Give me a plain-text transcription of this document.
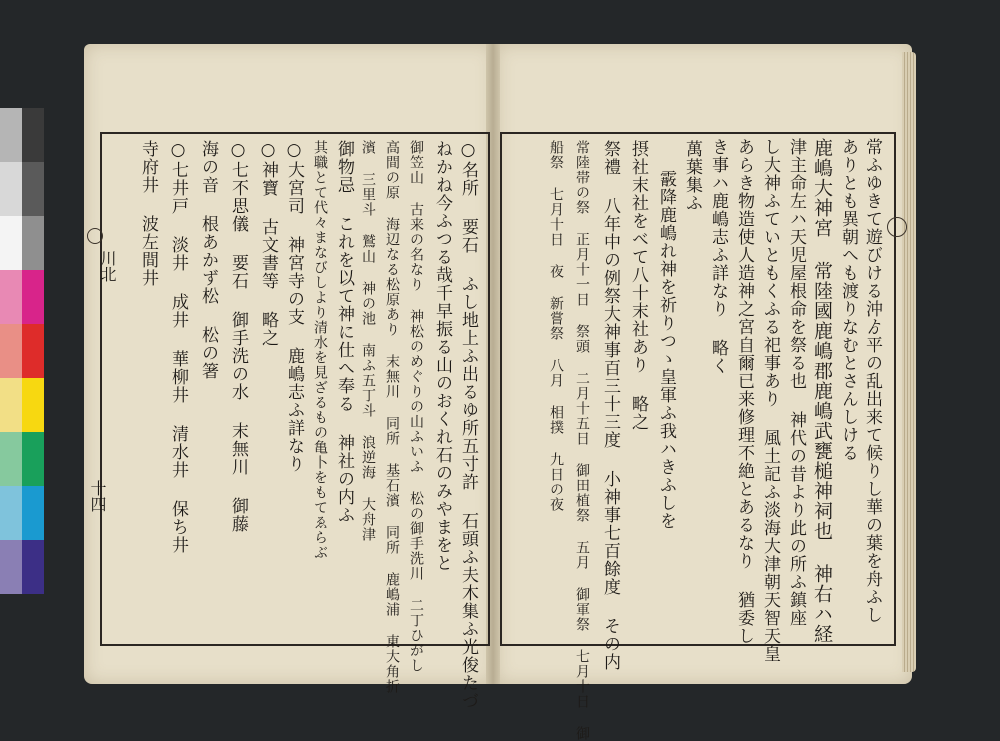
常ふゆきて遊びける沖ゟ平の乱出来て候りし華の葉を舟ふし
ありとも異朝へも渡りなむとさんしける
鹿嶋大神宮 常陸國鹿嶋郡鹿嶋武甕槌神祠也 神右ハ経
津主命左ハ天児屋根命を祭る也 神代の昔より此の所ふ鎮座
し大神ふていともくふる祀事あり 風土記ふ淡海大津朝天智天皇
あらき物造使人造神之宮自爾已来修理不絶とあるなり 猶委し
き事ハ鹿嶋志ふ詳なり 略く
萬葉集ふ
霰降鹿嶋れ神を祈りつゝ皇軍ふ我ハきふしを
摂社末社をべて八十末社あり 略之
祭禮 八年中の例祭大神事百三十三度 小神事七百餘度 その内
常陸帯の祭 正月十一日 祭頭 二月十五日 御田植祭 五月 御軍祭 七月十日 御
船祭 七月十日 夜 新嘗祭 八月 相撲 九日の夜
○名所 要石 ふし地上ふ出るゆ所五寸許 石頭ふ夫木集ふ光俊たづ
ねかね今ふつる哉千早振る山のおくれ石のみやまをと
御笠山 古来の名なり 神松のめぐりの山ふいふ 松の御手洗川 二丁ひがし
高間の原 海辺なる松原あり 末無川 同所 基石濱 同所 鹿嶋浦 東大角折
濱 三里斗 鷲山 神の池 南ふ五丁斗 浪逆海 大舟津
御物忌 これを以て神に仕へ奉る 神社の内ふ
其職とて代々まなびしより清水を見ざるもの亀卜をもてゑらぶ
○大宮司 神宮寺の支 鹿嶋志ふ詳なり
○神寶 古文書等 略之
○七不思儀 要石 御手洗の水 末無川 御藤
海の音 根あかず松 松の箸
○七井戸 淡井 成井 華柳井 清水井 保ち井
寺府井 波左間井
川北
十四
